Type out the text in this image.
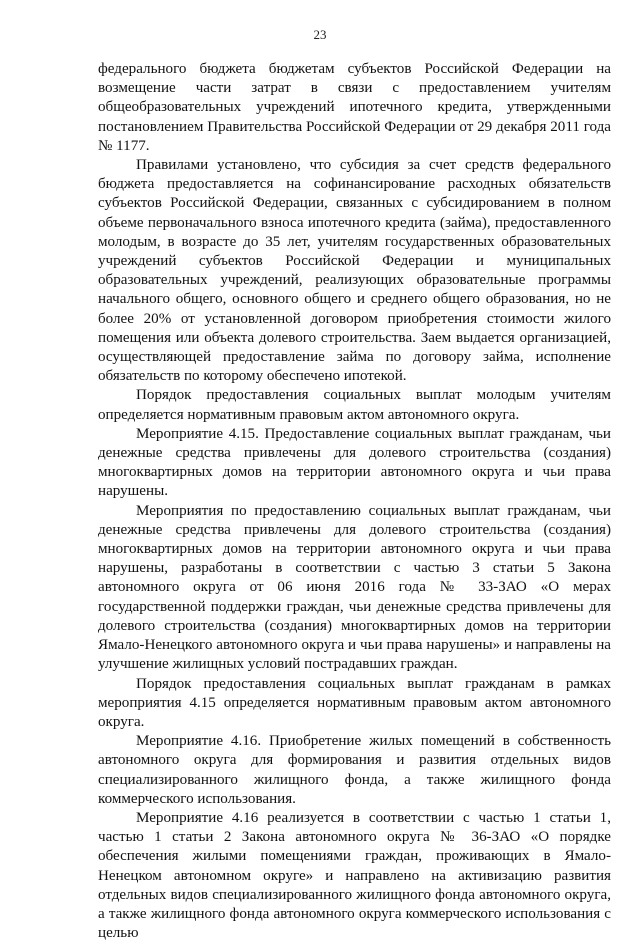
23

федерального бюджета бюджетам субъектов Российской Федерации на возмещение части затрат в связи с предоставлением учителям общеобразовательных учреждений ипотечного кредита, утвержденными постановлением Правительства Российской Федерации от 29 декабря 2011 года № 1177.

Правилами установлено, что субсидия за счет средств федерального бюджета предоставляется на софинансирование расходных обязательств субъектов Российской Федерации, связанных с субсидированием в полном объеме первоначального взноса ипотечного кредита (займа), предоставленного молодым, в возрасте до 35 лет, учителям государственных образовательных учреждений субъектов Российской Федерации и муниципальных образовательных учреждений, реализующих образовательные программы начального общего, основного общего и среднего общего образования, но не более 20% от установленной договором приобретения стоимости жилого помещения или объекта долевого строительства. Заем выдается организацией, осуществляющей предоставление займа по договору займа, исполнение обязательств по которому обеспечено ипотекой.

Порядок предоставления социальных выплат молодым учителям определяется нормативным правовым актом автономного округа.

Мероприятие 4.15. Предоставление социальных выплат гражданам, чьи денежные средства привлечены для долевого строительства (создания) многоквартирных домов на территории автономного округа и чьи права нарушены.

Мероприятия по предоставлению социальных выплат гражданам, чьи денежные средства привлечены для долевого строительства (создания) многоквартирных домов на территории автономного округа и чьи права нарушены, разработаны в соответствии с частью 3 статьи 5 Закона автономного округа от 06 июня 2016 года № 33-ЗАО «О мерах государственной поддержки граждан, чьи денежные средства привлечены для долевого строительства (создания) многоквартирных домов на территории Ямало-Ненецкого автономного округа и чьи права нарушены» и направлены на улучшение жилищных условий пострадавших граждан.

Порядок предоставления социальных выплат гражданам в рамках мероприятия 4.15 определяется нормативным правовым актом автономного округа.

Мероприятие 4.16. Приобретение жилых помещений в собственность автономного округа для формирования и развития отдельных видов специализированного жилищного фонда, а также жилищного фонда коммерческого использования.

Мероприятие 4.16 реализуется в соответствии с частью 1 статьи 1, частью 1 статьи 2 Закона автономного округа № 36-ЗАО «О порядке обеспечения жилыми помещениями граждан, проживающих в Ямало-Ненецком автономном округе» и направлено на активизацию развития отдельных видов специализированного жилищного фонда автономного округа, а также жилищного фонда автономного округа коммерческого использования с целью
